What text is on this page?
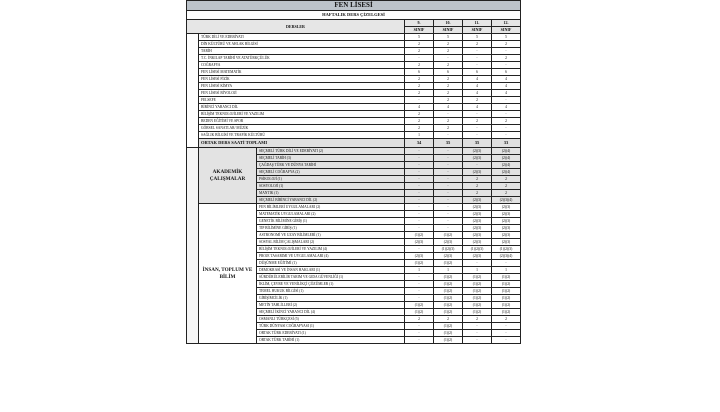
FEN LİSESİ						
HAFTALIK DERS ÇİZELGESİ						
DERSLER			9.	10.	11.	12.
			SINIF	SINIF	SINIF	SINIF
	TÜRK DİLİ VE EDEBİYATI		5	5	5	5
	DİN KÜLTÜRÜ VE AHLAK BİLGİSİ		2	2	2	2
	TARİH		2	2	-	-
	T.C. İNKILAP TARİHİ VE ATATÜRKÇÜLÜK		-	-	-	2
	COĞRAFYA		2	2	-	-
	FEN LİSESİ MATEMATİK		6	6	6	6
	FEN LİSESİ FİZİK		2	2	4	4
	FEN LİSESİ KİMYA		2	2	4	4
	FEN LİSESİ BİYOLOJİ		2	2	4	4
	FELSEFE		-	2	2	-
	BİRİNCİ YABANCI DİL		4	4	4	4
	BİLİŞİM TEKNOLOJİLERİ VE YAZILIM		2	-	-	-
	BEDEN EĞİTİMİ VE SPOR		2	2	2	2
	GÖRSEL SANATLAR/ MÜZİK		2	2	-	-
	SAĞLIK BİLGİSİ VE TRAFİK KÜLTÜRÜ		1	-	-	-
	ORTAK DERS SAATİ TOPLAMI		34	35	35	33
	AKADEMİK ÇALIŞMALAR	SEÇMELİ TÜRK DİLİ VE EDEBİYATI (2)	-	-	(2)(3)	(2)(4)
		SEÇMELİ TARİH (3)	-	-	(2)(3)	(2)(4)
		ÇAĞDAŞ TÜRK VE DÜNYA TARİHİ	-	-	-	(2)(4)
		SEÇMELİ COĞRAFYA (2)	-	-	(2)(3)	(2)(4)
		PSİKOLOJİ (1)	-	-	2	2
		SOSYOLOJİ (1)	-	-	2	2
		MANTIK (1)	-	-	2	2
		SEÇMELİ BİRİNCİ YABANCI DİL (2)	-	-	(2)(3)	(2)(3)(4)
	İNSAN, TOPLUM VE BİLİM	FEN BİLİMLERİ UYGULAMALARI (2)	-	-	(2)(3)	(2)(3)
		MATEMATİK UYGULAMALARI (2)	-	-	(2)(3)	(2)(3)
		GENETİK BİLİMİNE GİRİŞ (1)	-	-	(2)(3)	(2)(3)
		TIP BİLİMİNE GİRİŞ (1)	-	-	(2)(3)	(2)(3)
		ASTRONOMİ VE UZAY BİLİMLERİ (1)	(1)(2)	(1)(2)	(2)(3)	(2)(3)
		SOSYAL BİLİM ÇALIŞMALARI (2)	(2)(3)	(2)(3)	(2)(3)	(2)(3)
		BİLİŞİM TEKNOLOJİLERİ VE YAZILIM (4)	-	(1)(2)(3)	(1)(2)(3)	(1)(2)(3)
		PROJE TASARIMI VE UYGULAMALARI (4)	(2)(3)	(2)(3)	(2)(3)	(2)(3)(4)
		DÜŞÜNME EĞİTİMİ (1)	(1)(2)	(1)(2)	-	-
		DEMOKRASİ VE İNSAN HAKLARI (1)	1	1	1	1
		SÜRDÜRÜLEBİLİR TARIM VE GIDA GÜVENLİĞİ (1)	-	(1)(2)	(1)(2)	(1)(2)
		İKLİM, ÇEVRE VE YENİLİKÇİ ÇÖZÜMLER (1)	-	(1)(2)	(1)(2)	(1)(2)
		TEMEL HUKUK BİLGİSİ (1)	-	(1)(2)	(1)(2)	(1)(2)
		GİRİŞİMCİLİK (1)	-	(1)(2)	(1)(2)	(1)(2)
		METİN TAHLİLLERİ (2)	(1)(2)	(1)(2)	(1)(2)	(1)(2)
		SEÇMELİ İKİNCİ YABANCI DİL (4)	(1)(2)	(1)(2)	(1)(2)	(1)(2)
		OSMANLI TÜRKÇESİ (5)	2	2	2	2
		TÜRK DÜNYASI COĞRAFYASI (1)	-	(1)(2)	-	-
		ORTAK TÜRK EDEBİYATI (1)	-	(1)(2)	-	-
		ORTAK TÜRK TARİHİ (1)	-	(1)(2)	-	-
